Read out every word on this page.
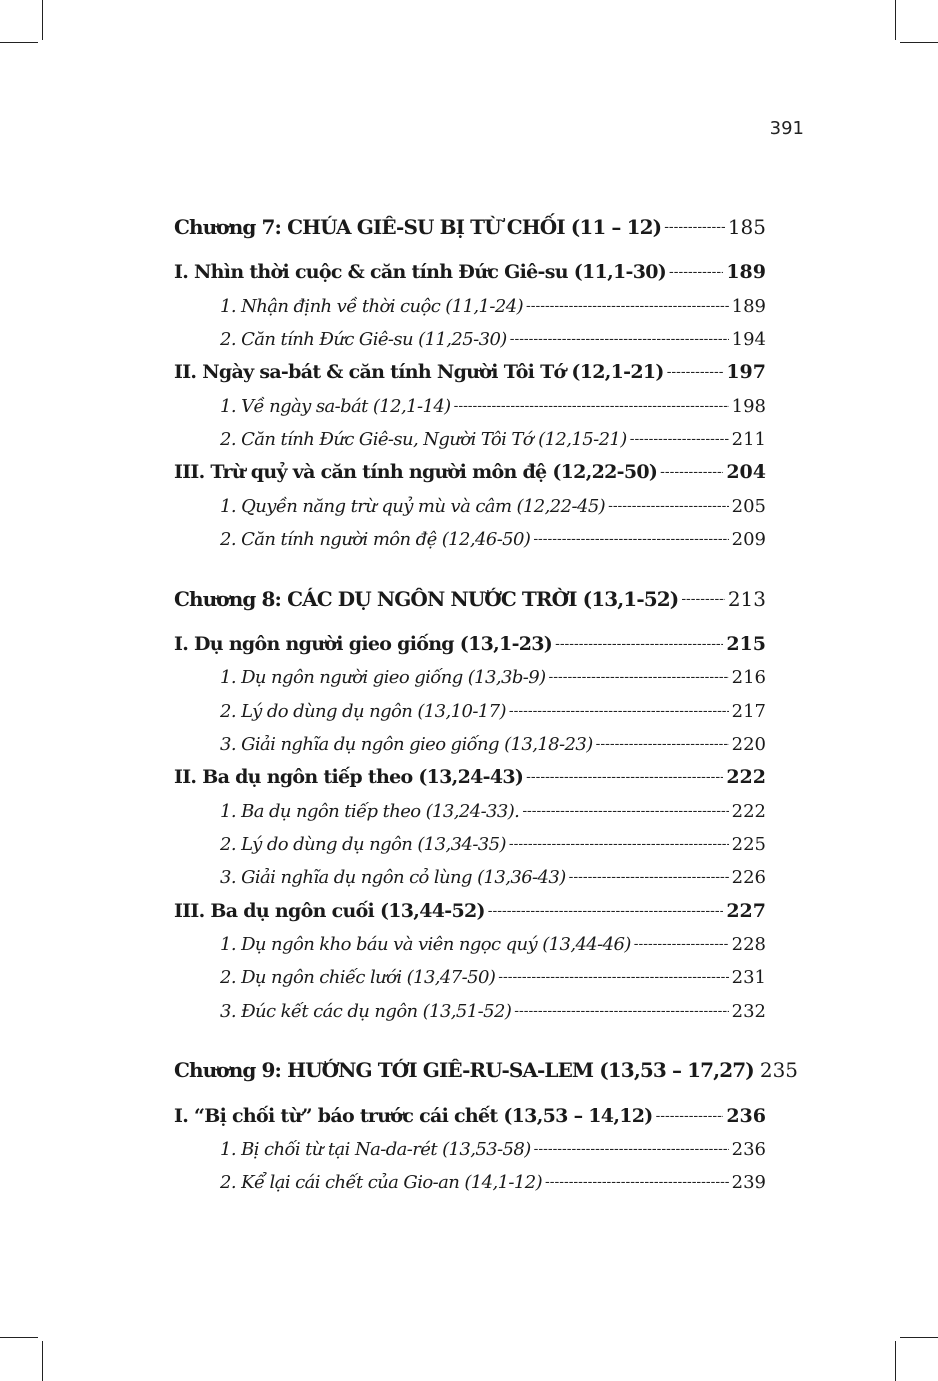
391
Chương 7: CHÚA GIÊ-SU BỊ TỪ CHỐI (11 – 12) -----	185
I. Nhìn thời cuộc & căn tính Đức Giê-su (11,1-30) -----	189
1. Nhận định về thời cuộc (11,1-24) -----	189
2. Căn tính Đức Giê-su (11,25-30) -----	194
II. Ngày sa-bát & căn tính Người Tôi Tớ (12,1-21) -----	197
1. Về ngày sa-bát (12,1-14) -----	198
2. Căn tính Đức Giê-su, Người Tôi Tớ (12,15-21) -----	211
III. Trừ quỷ và căn tính người môn đệ (12,22-50) -----	204
1. Quyền năng trừ quỷ mù và câm (12,22-45) -----	205
2. Căn tính người môn đệ (12,46-50) -----	209
Chương 8: CÁC DỤ NGÔN NƯỚC TRỜI (13,1-52) ----- 213
I. Dụ ngôn người gieo giống (13,1-23) -----	215
1. Dụ ngôn người gieo giống (13,3b-9) -----	216
2. Lý do dùng dụ ngôn (13,10-17) -----	217
3. Giải nghĩa dụ ngôn gieo giống (13,18-23) -----	220
II. Ba dụ ngôn tiếp theo (13,24-43) -----	222
1. Ba dụ ngôn tiếp theo (13,24-33). -----	222
2. Lý do dùng dụ ngôn (13,34-35) -----	225
3. Giải nghĩa dụ ngôn cỏ lùng (13,36-43) -----	226
III. Ba dụ ngôn cuối (13,44-52) -----	227
1. Dụ ngôn kho báu và viên ngọc quý (13,44-46) -----	228
2. Dụ ngôn chiếc lưới (13,47-50) -----	231
3. Đúc kết các dụ ngôn (13,51-52) -----	232
Chương 9: HƯỚNG TỚI GIÊ-RU-SA-LEM (13,53 – 17,27) 235
I. “Bị chối từ” báo trước cái chết (13,53 – 14,12) -----	236
1. Bị chối từ tại Na-da-rét (13,53-58) -----	236
2. Kể lại cái chết của Gio-an (14,1-12) -----	239
